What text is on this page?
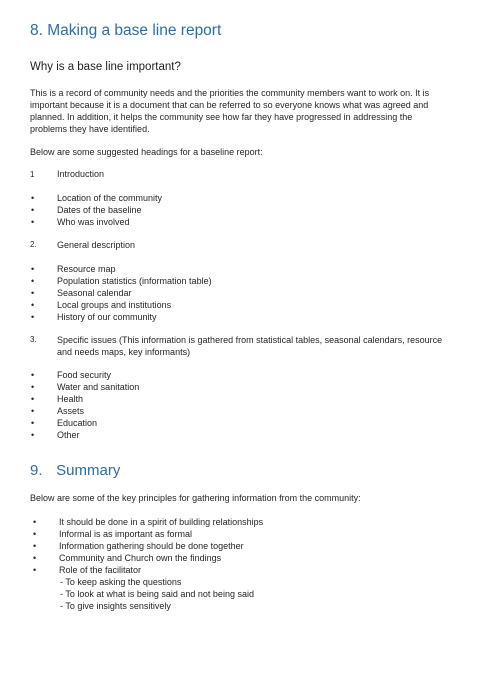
8. Making a base line report
Why is a base line important?

This is a record of community needs and the priorities the community members want to work on. It is

important because it is a document that can be referred to so everyone knows what was agreed and

planned. In addition, it helps the community see how far they have progressed in addressing the

problems they have identified.

Below are some suggested headings for a baseline report:

1	Introduction
•	Location of the community
•	Dates of the baseline
•	Who was involved
2. General description
•	Resource map
•	Population statistics (information table)
•	Seasonal calendar
•	Local groups and institutions
•	History of our community
3. Specific issues (This information is gathered from statistical tables, seasonal calendars, resource
and needs maps, key informants)
•	Food security
•	Water and sanitation
•	Health
•	Assets
•	Education
•	Other
9. Summary

Below are some of the key principles for gathering information from the community:

•	It should be done in a spirit of building relationships
•	Informal is as important as formal
•	Information gathering should be done together
•	Community and Church own the findings
•	Role of the facilitator
- To keep asking the questions
- To look at what is being said and not being said
- To give insights sensitively
